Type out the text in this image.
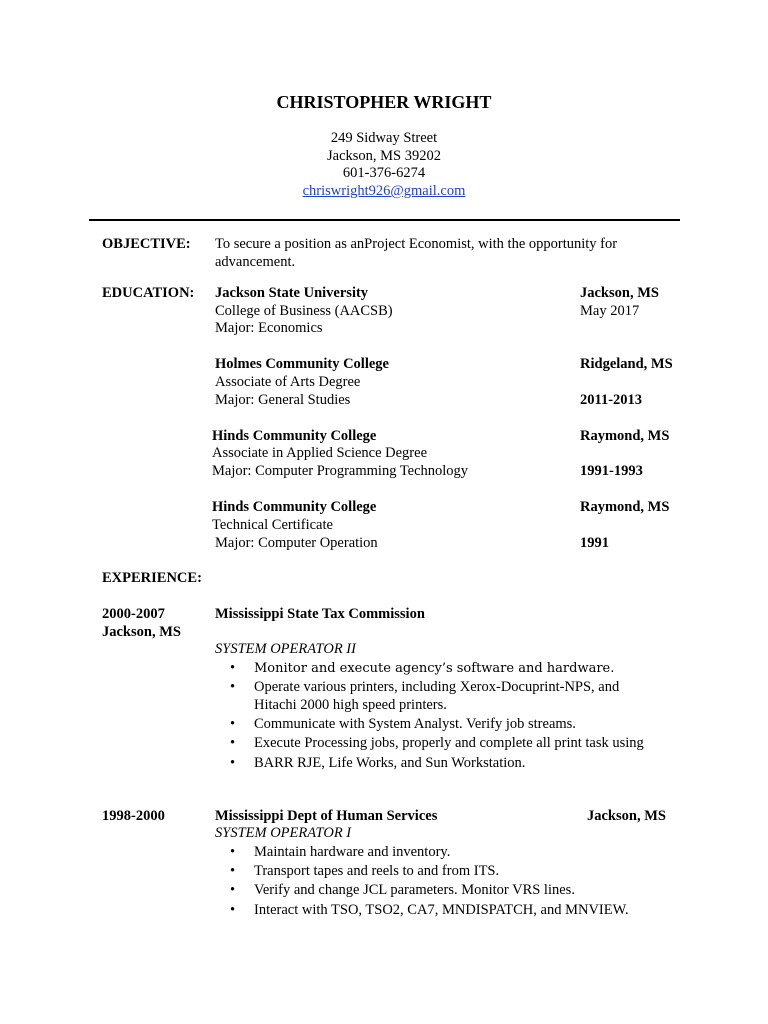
CHRISTOPHER WRIGHT
249 Sidway Street
Jackson, MS 39202
601-376-6274
chriswright926@gmail.com
OBJECTIVE: To secure a position as anProject Economist, with the opportunity for
advancement.
EDUCATION: Jackson State University
College of Business (AACSB)
Major: Economics
Jackson, MS
May 2017
Holmes Community College
Associate of Arts Degree
Major: General Studies
Ridgeland, MS
2011-2013
Hinds Community College
Associate in Applied Science Degree
Major: Computer Programming Technology
Raymond, MS
1991-1993
Hinds Community College
Technical Certificate
Major: Computer Operation
Raymond, MS
1991
EXPERIENCE:
2000-2007
Jackson, MS
Mississippi State Tax Commission
SYSTEM OPERATOR II
Monitor and execute agency’s software and hardware.
Operate various printers, including Xerox-Docuprint-NPS, and
Hitachi 2000 high speed printers.
Communicate with System Analyst. Verify job streams.
Execute Processing jobs, properly and complete all print task using
BARR RJE, Life Works, and Sun Workstation.
1998-2000	Mississippi Dept of Human Services	Jackson, MS
SYSTEM OPERATOR I
Maintain hardware and inventory.
Transport tapes and reels to and from ITS.
Verify and change JCL parameters. Monitor VRS lines.
Interact with TSO, TSO2, CA7, MNDISPATCH, and MNVIEW.
